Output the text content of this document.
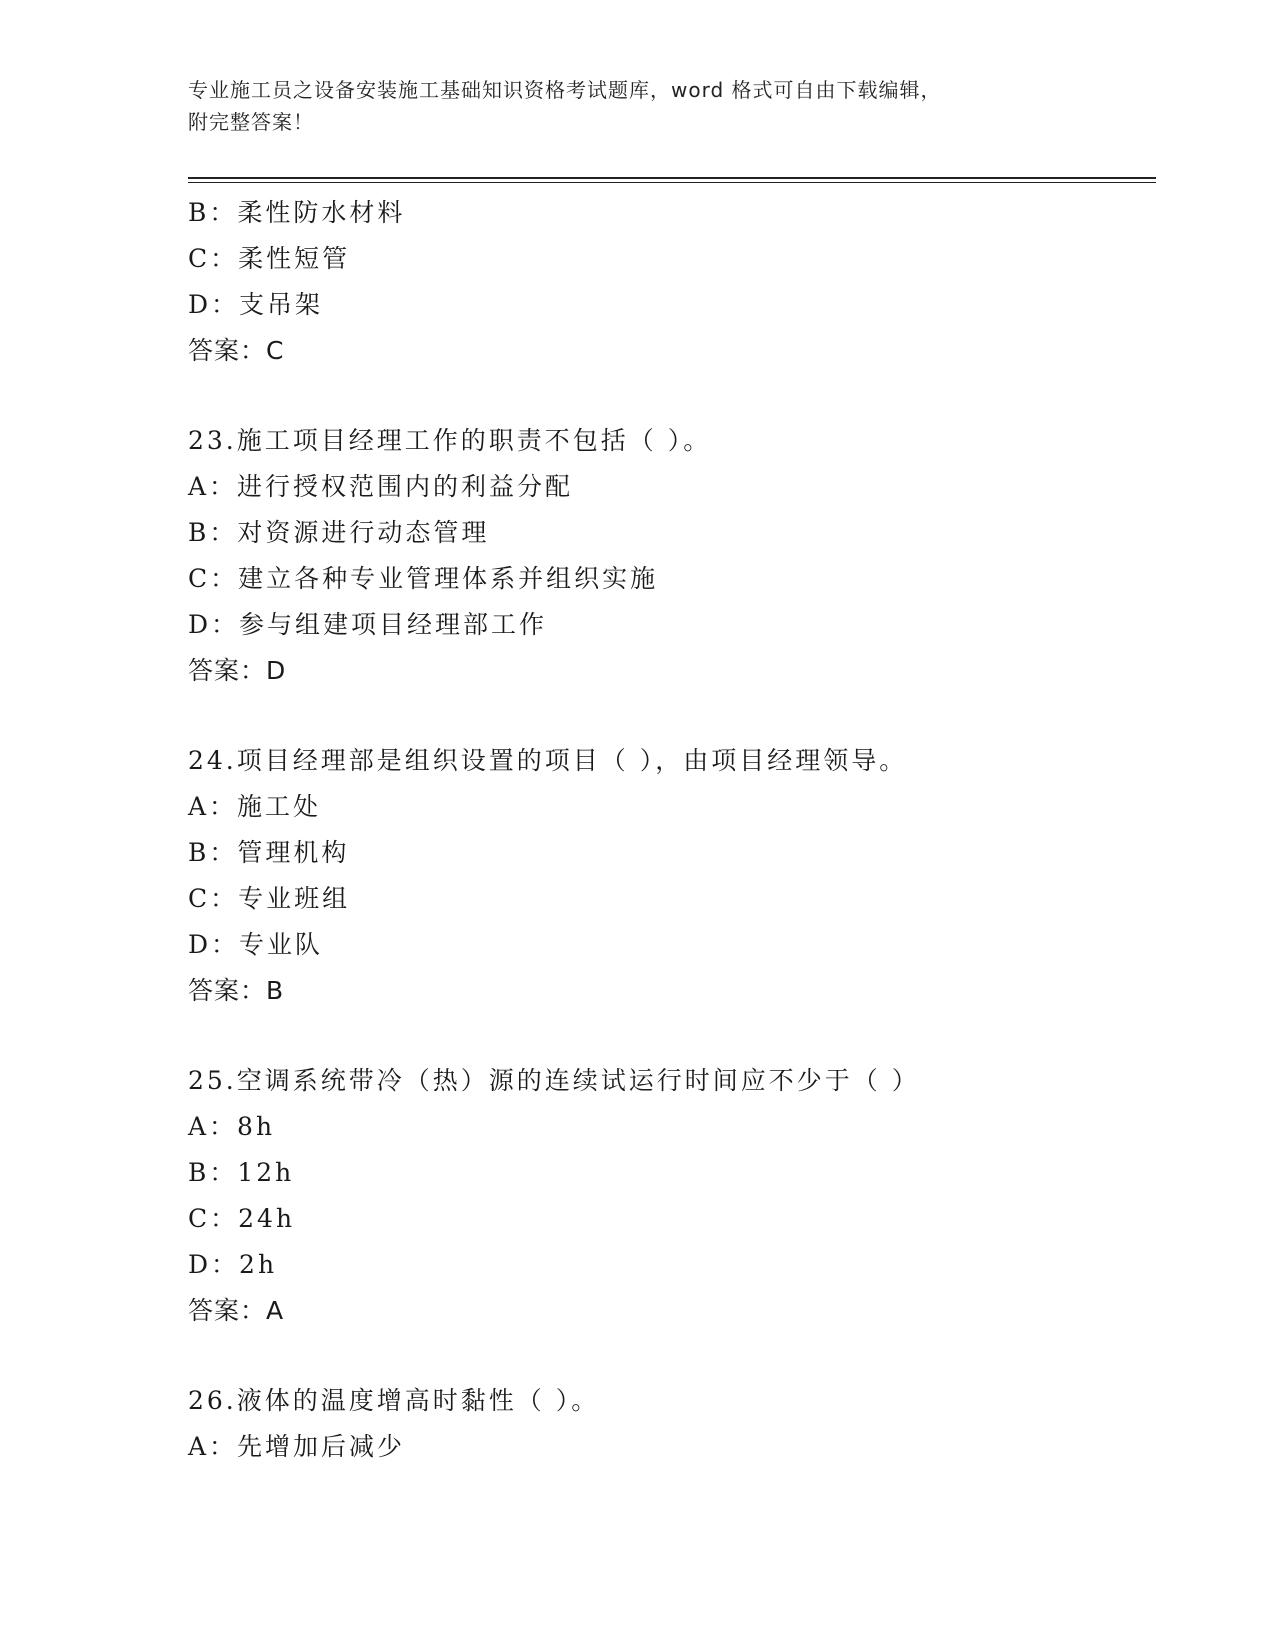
专业施工员之设备安装施工基础知识资格考试题库，word 格式可自由下载编辑，
附完整答案！
B：柔性防水材料
C：柔性短管
D：支吊架
答案：C
23.施工项目经理工作的职责不包括（ ）。
A：进行授权范围内的利益分配
B：对资源进行动态管理
C：建立各种专业管理体系并组织实施
D：参与组建项目经理部工作
答案：D
24.项目经理部是组织设置的项目（ ），由项目经理领导。
A：施工处
B：管理机构
C：专业班组
D：专业队
答案：B
25.空调系统带冷（热）源的连续试运行时间应不少于（ ）
A：8h
B：12h
C：24h
D：2h
答案：A
26.液体的温度增高时黏性（ ）。
A：先增加后减少
